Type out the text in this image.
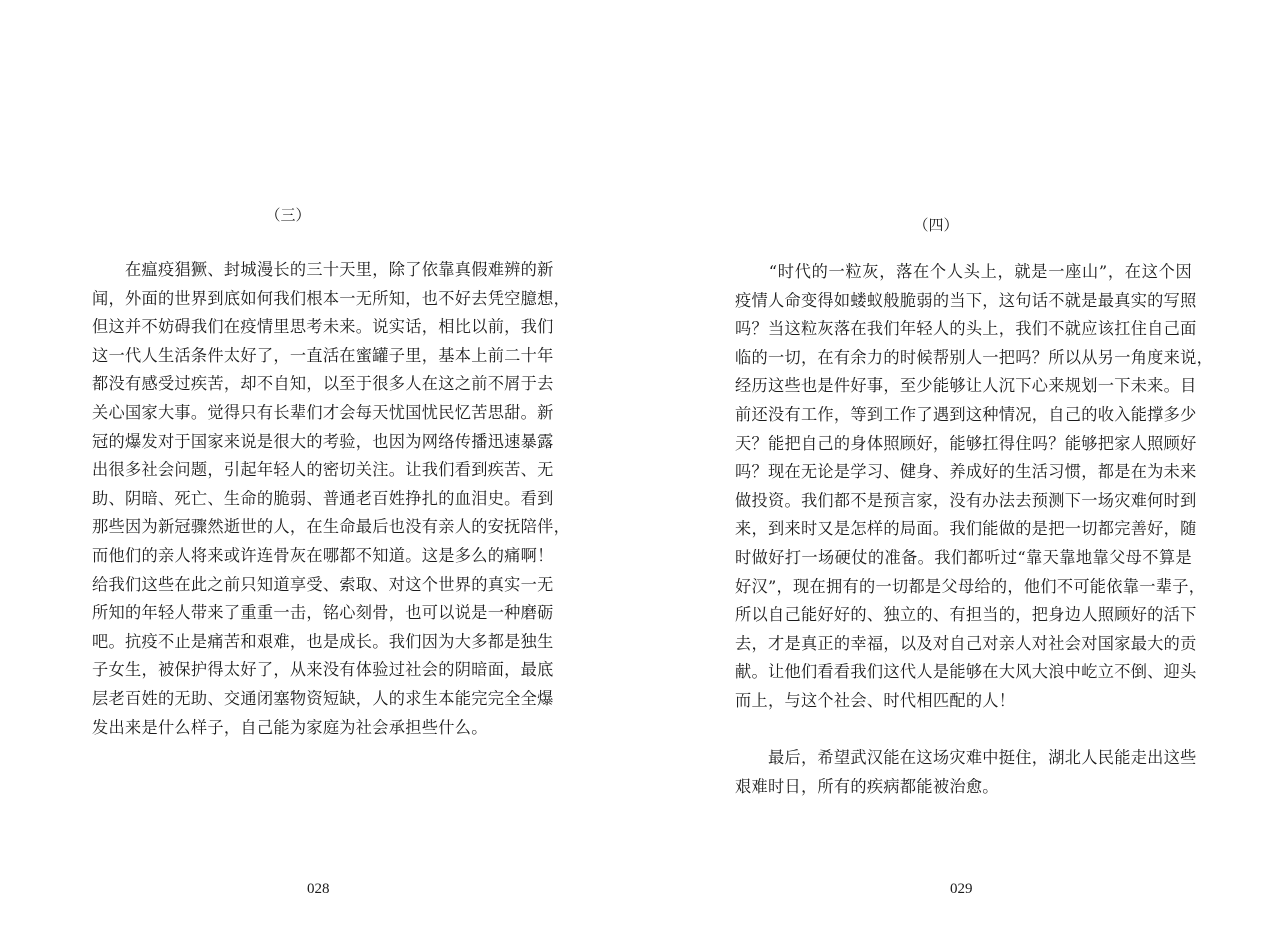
（三）

　　在瘟疫猖獗、封城漫长的三十天里，除了依靠真假难辨的新
闻，外面的世界到底如何我们根本一无所知，也不好去凭空臆想，
但这并不妨碍我们在疫情里思考未来。说实话，相比以前，我们
这一代人生活条件太好了，一直活在蜜罐子里，基本上前二十年
都没有感受过疾苦，却不自知，以至于很多人在这之前不屑于去
关心国家大事。觉得只有长辈们才会每天忧国忧民忆苦思甜。新
冠的爆发对于国家来说是很大的考验，也因为网络传播迅速暴露
出很多社会问题，引起年轻人的密切关注。让我们看到疾苦、无
助、阴暗、死亡、生命的脆弱、普通老百姓挣扎的血泪史。看到
那些因为新冠骤然逝世的人，在生命最后也没有亲人的安抚陪伴，
而他们的亲人将来或许连骨灰在哪都不知道。这是多么的痛啊！
给我们这些在此之前只知道享受、索取、对这个世界的真实一无
所知的年轻人带来了重重一击，铭心刻骨，也可以说是一种磨砺
吧。抗疫不止是痛苦和艰难，也是成长。我们因为大多都是独生
子女生，被保护得太好了，从来没有体验过社会的阴暗面，最底
层老百姓的无助、交通闭塞物资短缺，人的求生本能完完全全爆
发出来是什么样子，自己能为家庭为社会承担些什么。

028
（四）

　　“时代的一粒灰，落在个人头上，就是一座山”，在这个因
疫情人命变得如蝼蚁般脆弱的当下，这句话不就是最真实的写照
吗？当这粒灰落在我们年轻人的头上，我们不就应该扛住自己面
临的一切，在有余力的时候帮别人一把吗？所以从另一角度来说，
经历这些也是件好事，至少能够让人沉下心来规划一下未来。目
前还没有工作，等到工作了遇到这种情况，自己的收入能撑多少
天？能把自己的身体照顾好，能够扛得住吗？能够把家人照顾好
吗？现在无论是学习、健身、养成好的生活习惯，都是在为未来
做投资。我们都不是预言家，没有办法去预测下一场灾难何时到
来，到来时又是怎样的局面。我们能做的是把一切都完善好，随
时做好打一场硬仗的准备。我们都听过“靠天靠地靠父母不算是
好汉”，现在拥有的一切都是父母给的，他们不可能依靠一辈子，
所以自己能好好的、独立的、有担当的，把身边人照顾好的活下
去，才是真正的幸福，以及对自己对亲人对社会对国家最大的贡
献。让他们看看我们这代人是能够在大风大浪中屹立不倒、迎头
而上，与这个社会、时代相匹配的人！

　　最后，希望武汉能在这场灾难中挺住，湖北人民能走出这些
艰难时日，所有的疾病都能被治愈。

029
